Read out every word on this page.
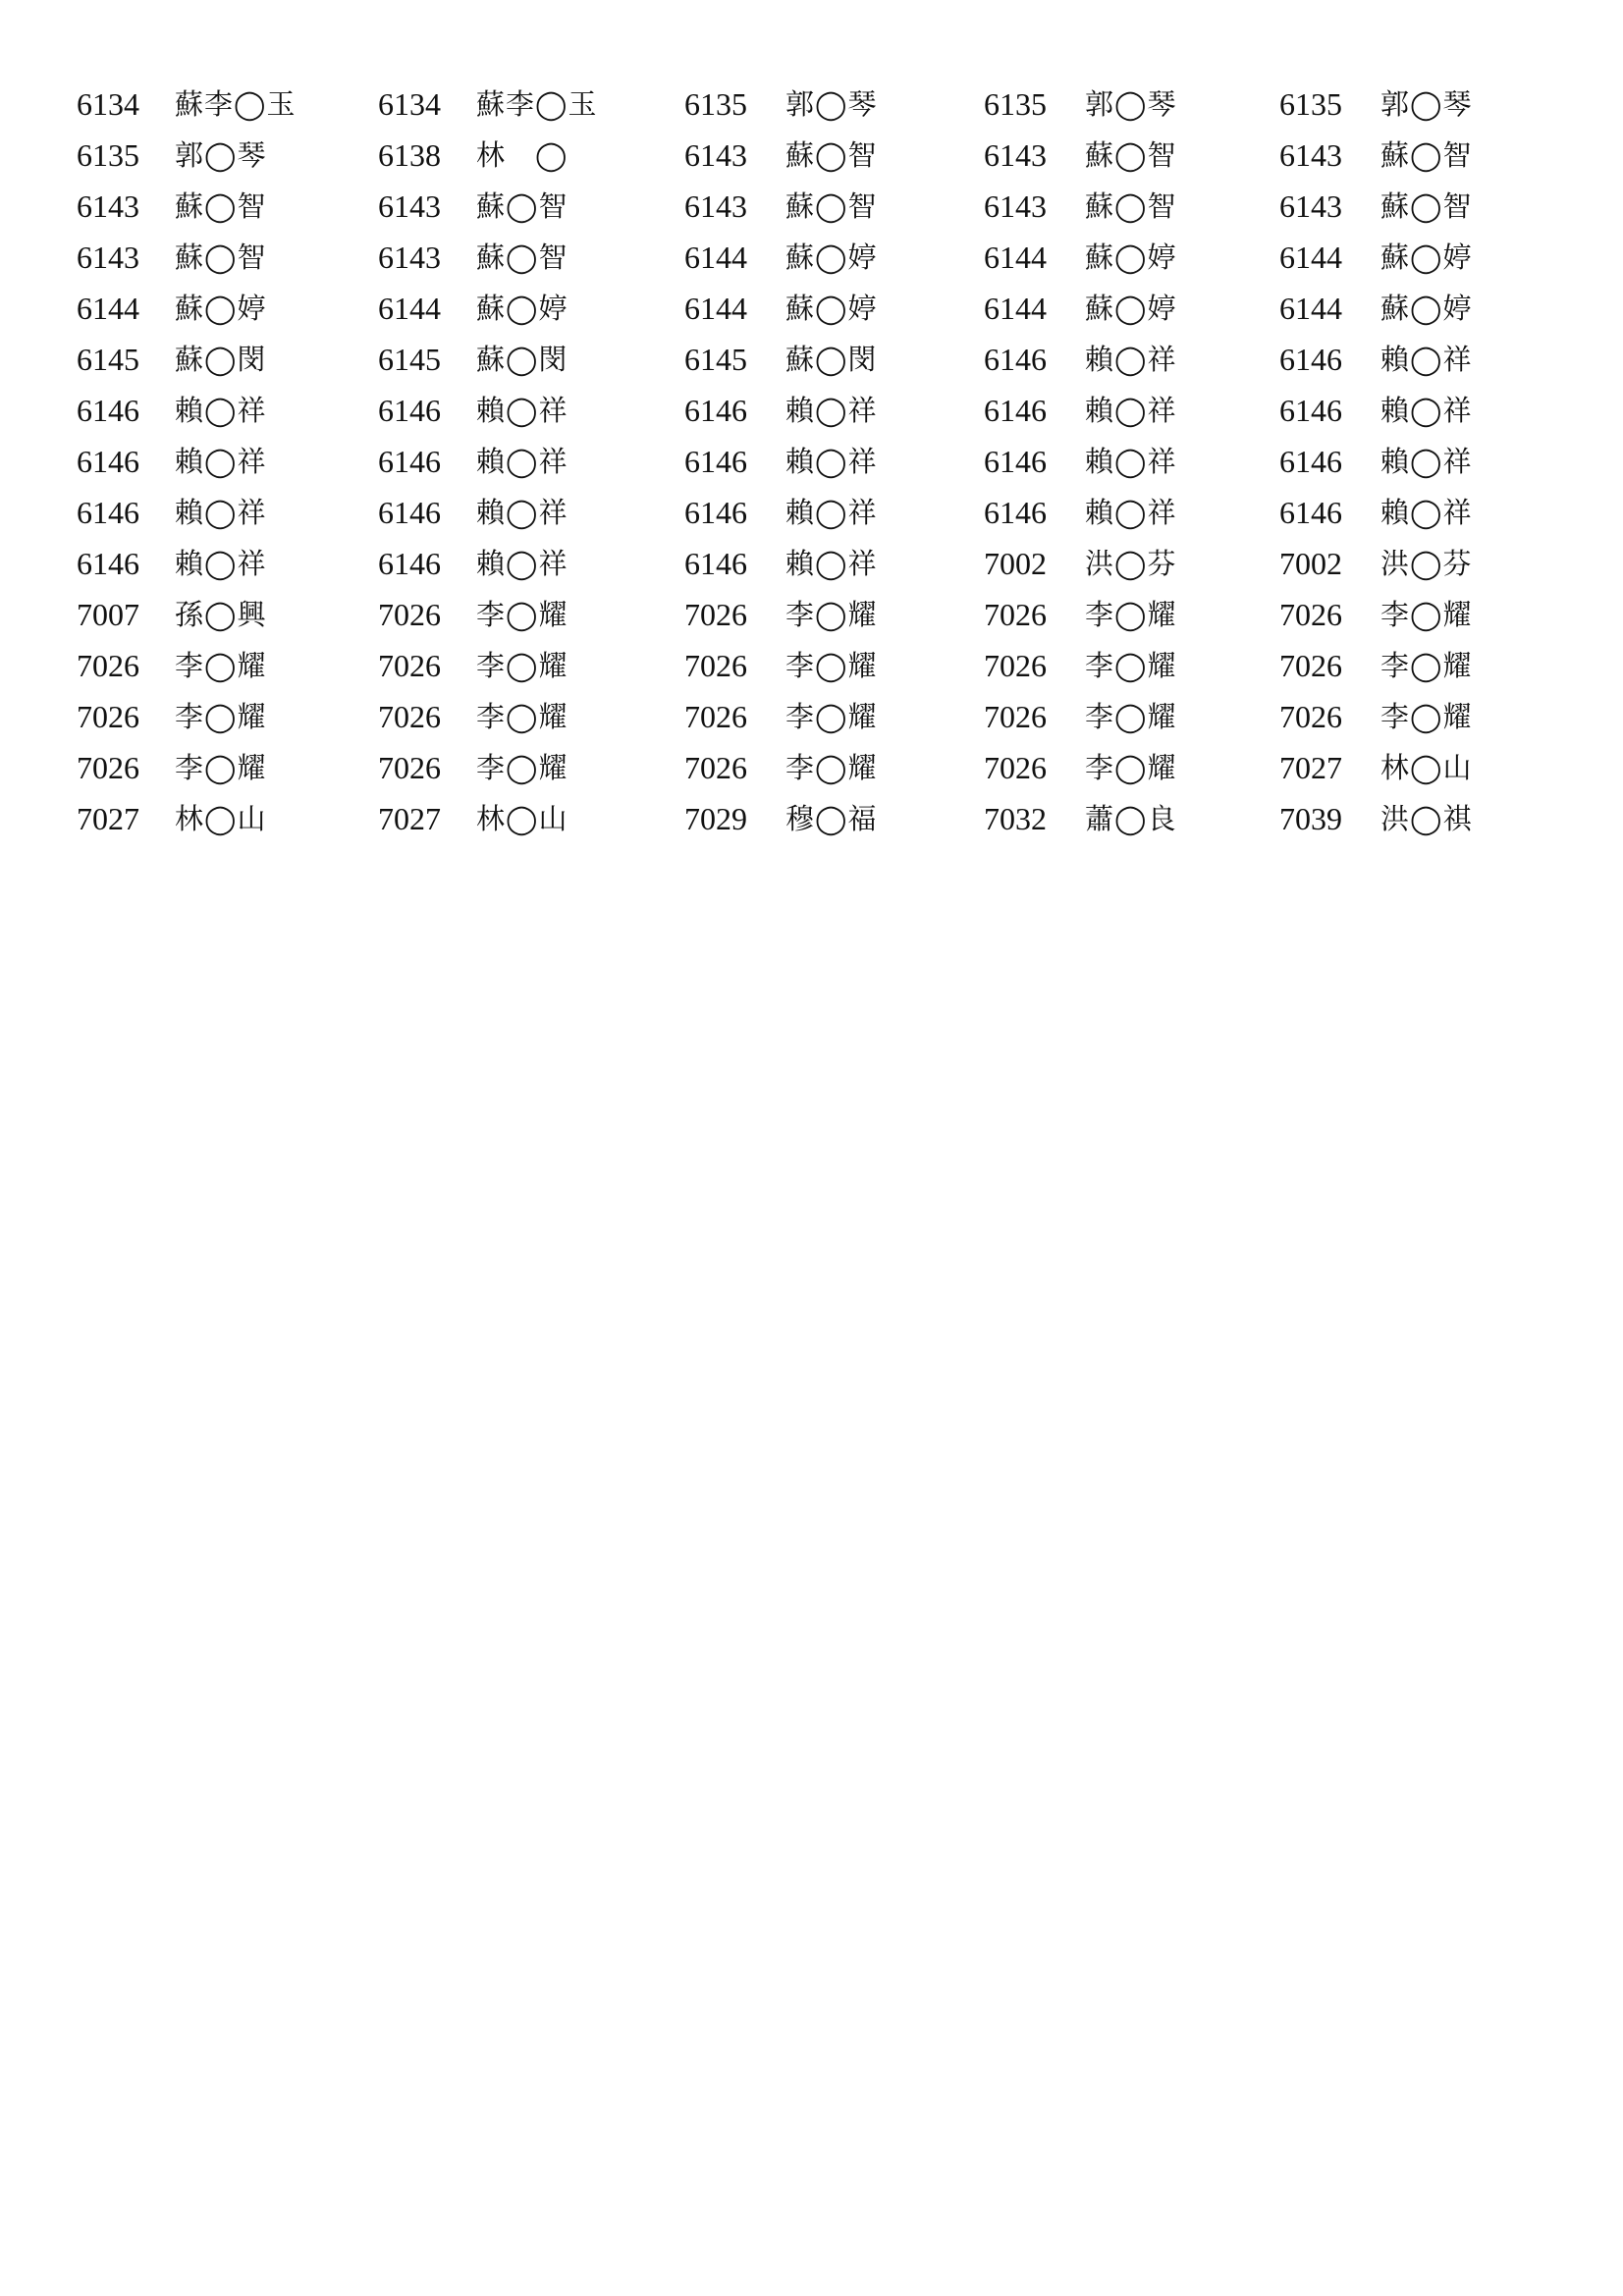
6134	蘇李◯玉	6134	蘇李◯玉	6135	郭◯琴	6135	郭◯琴	6135	郭◯琴
6135	郭◯琴	6138	林　◯	6143	蘇◯智	6143	蘇◯智	6143	蘇◯智
6143	蘇◯智	6143	蘇◯智	6143	蘇◯智	6143	蘇◯智	6143	蘇◯智
6143	蘇◯智	6143	蘇◯智	6144	蘇◯婷	6144	蘇◯婷	6144	蘇◯婷
6144	蘇◯婷	6144	蘇◯婷	6144	蘇◯婷	6144	蘇◯婷	6144	蘇◯婷
6145	蘇◯閔	6145	蘇◯閔	6145	蘇◯閔	6146	賴◯祥	6146	賴◯祥
6146	賴◯祥	6146	賴◯祥	6146	賴◯祥	6146	賴◯祥	6146	賴◯祥
6146	賴◯祥	6146	賴◯祥	6146	賴◯祥	6146	賴◯祥	6146	賴◯祥
6146	賴◯祥	6146	賴◯祥	6146	賴◯祥	6146	賴◯祥	6146	賴◯祥
6146	賴◯祥	6146	賴◯祥	6146	賴◯祥	7002	洪◯芬	7002	洪◯芬
7007	孫◯興	7026	李◯耀	7026	李◯耀	7026	李◯耀	7026	李◯耀
7026	李◯耀	7026	李◯耀	7026	李◯耀	7026	李◯耀	7026	李◯耀
7026	李◯耀	7026	李◯耀	7026	李◯耀	7026	李◯耀	7026	李◯耀
7026	李◯耀	7026	李◯耀	7026	李◯耀	7026	李◯耀	7027	林◯山
7027	林◯山	7027	林◯山	7029	穆◯福	7032	蕭◯良	7039	洪◯祺
